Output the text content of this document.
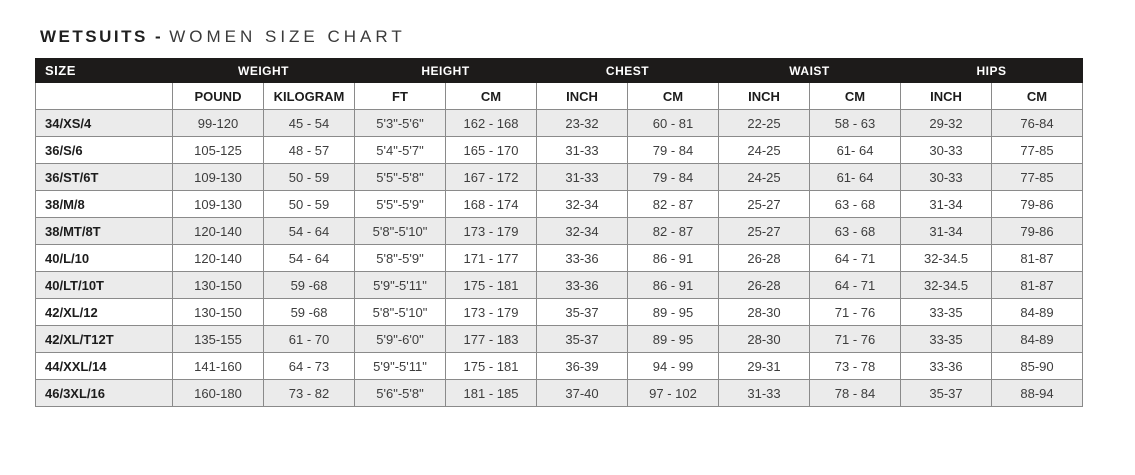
WETSUITS - WOMEN SIZE CHART
SIZE	WEIGHT		HEIGHT		CHEST		WAIST		HIPS	
	POUND	KILOGRAM	FT	CM	INCH	CM	INCH	CM	INCH	CM
34/XS/4	99-120	45 - 54	5'3"-5'6"	162 - 168	23-32	60 - 81	22-25	58 - 63	29-32	76-84
36/S/6	105-125	48 - 57	5'4"-5'7"	165 - 170	31-33	79 - 84	24-25	61- 64	30-33	77-85
36/ST/6T	109-130	50 - 59	5'5"-5'8"	167 - 172	31-33	79 - 84	24-25	61- 64	30-33	77-85
38/M/8	109-130	50 - 59	5'5"-5'9"	168 - 174	32-34	82 - 87	25-27	63 - 68	31-34	79-86
38/MT/8T	120-140	54 - 64	5'8"-5'10"	173 - 179	32-34	82 - 87	25-27	63 - 68	31-34	79-86
40/L/10	120-140	54 - 64	5'8"-5'9"	171 - 177	33-36	86 - 91	26-28	64 - 71	32-34.5	81-87
40/LT/10T	130-150	59 -68	5'9"-5'11"	175 - 181	33-36	86 - 91	26-28	64 - 71	32-34.5	81-87
42/XL/12	130-150	59 -68	5'8"-5'10"	173 - 179	35-37	89 - 95	28-30	71 - 76	33-35	84-89
42/XL/T12T	135-155	61 - 70	5'9"-6'0"	177 - 183	35-37	89 - 95	28-30	71 - 76	33-35	84-89
44/XXL/14	141-160	64 - 73	5'9"-5'11"	175 - 181	36-39	94 - 99	29-31	73 - 78	33-36	85-90
46/3XL/16	160-180	73 - 82	5'6"-5'8"	181 - 185	37-40	97 - 102	31-33	78 - 84	35-37	88-94
